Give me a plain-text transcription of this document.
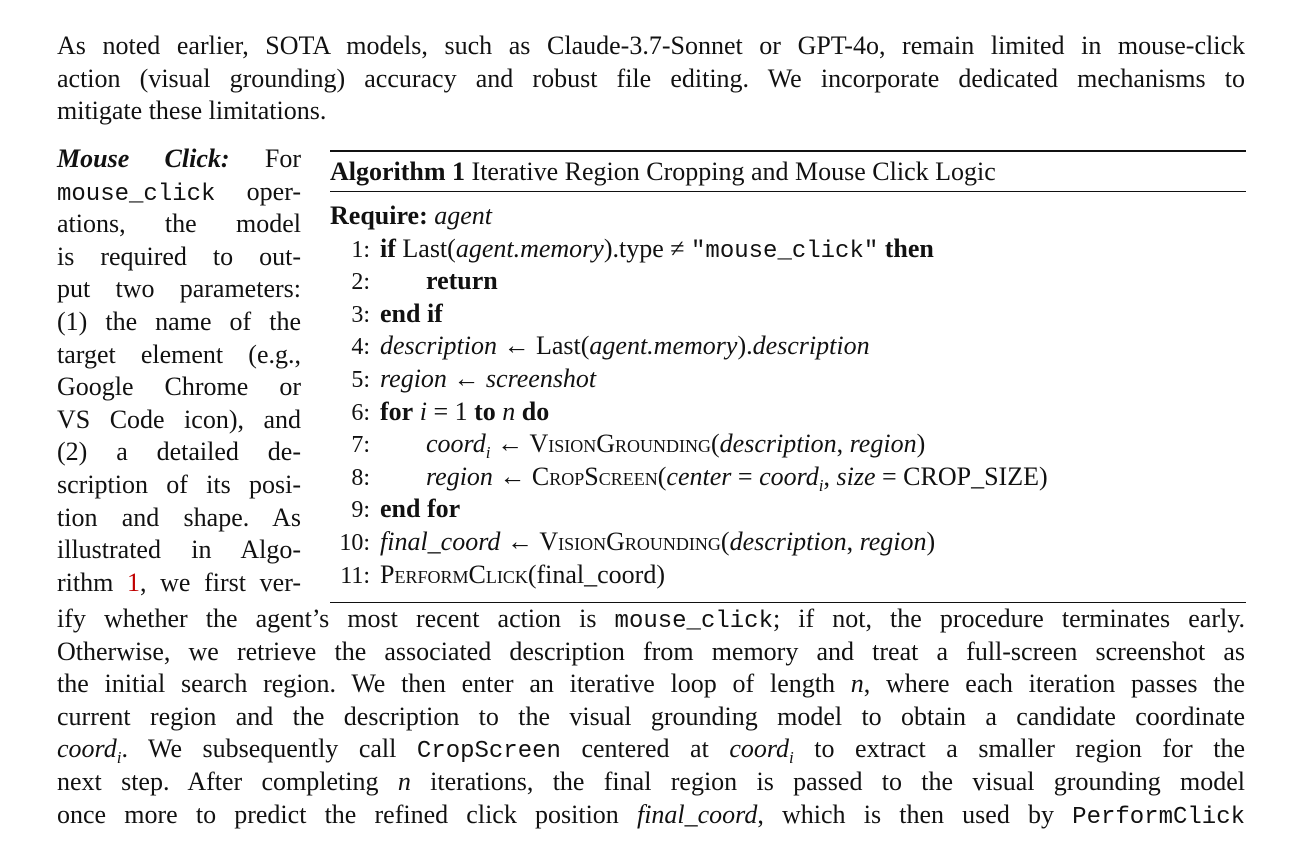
As noted earlier, SOTA models, such as Claude-3.7-Sonnet or GPT-4o, remain limited in mouse-click
action (visual grounding) accuracy and robust file editing. We incorporate dedicated mechanisms to
mitigate these limitations.
Mouse Click: For
mouse_click oper-
ations, the model
is required to out-
put two parameters:
(1) the name of the
target element (e.g.,
Google Chrome or
VS Code icon), and
(2) a detailed de-
scription of its posi-
tion and shape. As
illustrated in Algo-
rithm 1, we first ver-
Algorithm 1 Iterative Region Cropping and Mouse Click Logic
Require: agent
1: if Last(agent.memory).type ≠ "mouse_click" then
2: return
3: end if
4: description ← Last(agent.memory).description
5: region ← screenshot
6: for i = 1 to n do
7: coord$_i$ ← VisionGrounding(description, region)
8: region ← CropScreen(center = coord$_i$, size = CROP_SIZE)
9: end for
10: final_coord ← VisionGrounding(description, region)
11: PerformClick(final_coord)
ify whether the agent’s most recent action is mouse_click; if not, the procedure terminates early.
Otherwise, we retrieve the associated description from memory and treat a full-screen screenshot as
the initial search region. We then enter an iterative loop of length n, where each iteration passes the
current region and the description to the visual grounding model to obtain a candidate coordinate
coord$_i$. We subsequently call CropScreen centered at coord$_i$ to extract a smaller region for the
next step. After completing n iterations, the final region is passed to the visual grounding model
once more to predict the refined click position final_coord, which is then used by PerformClick
